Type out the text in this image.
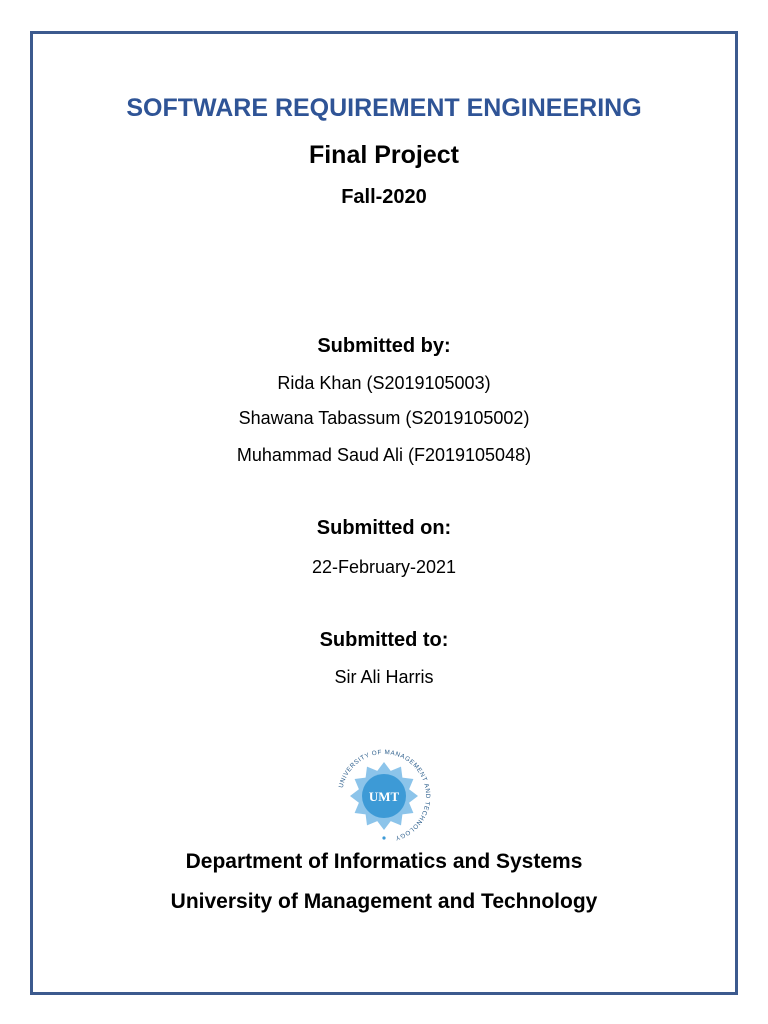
SOFTWARE REQUIREMENT ENGINEERING
Final Project
Fall-2020
Submitted by:
Rida Khan (S2019105003)
Shawana Tabassum (S2019105002)
Muhammad Saud Ali (F2019105048)
Submitted on:
22-February-2021
Submitted to:
Sir Ali Harris
UMT
UNIVERSITY OF MANAGEMENT AND TECHNOLOGY
Department of Informatics and Systems
University of Management and Technology
